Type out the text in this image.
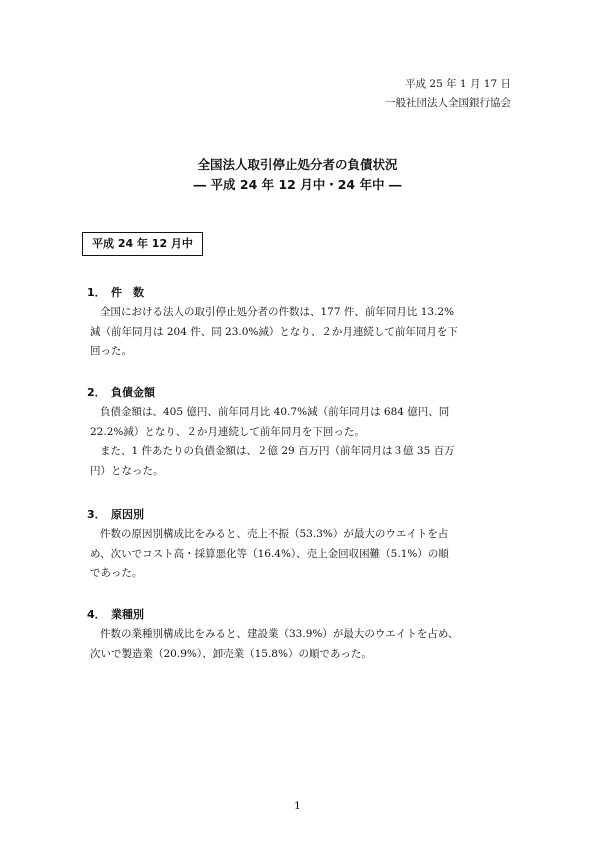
平成 25 年 1 月 17 日
一般社団法人全国銀行協会
全国法人取引停止処分者の負債状況
― 平成 24 年 12 月中・24 年中 ―
平成 24 年 12 月中
1． 件　数
全国における法人の取引停止処分者の件数は、177 件、前年同月比 13.2%
減（前年同月は 204 件、同 23.0%減）となり、２か月連続して前年同月を下
回った。
2． 負債金額
負債金額は、405 億円、前年同月比 40.7%減（前年同月は 684 億円、同
22.2%減）となり、２か月連続して前年同月を下回った。
また、1 件あたりの負債金額は、２億 29 百万円（前年同月は３億 35 百万
円）となった。
3． 原因別
件数の原因別構成比をみると、売上不振（53.3%）が最大のウエイトを占
め、次いでコスト高・採算悪化等（16.4%）、売上金回収困難（5.1%）の順
であった。
4． 業種別
件数の業種別構成比をみると、建設業（33.9%）が最大のウエイトを占め、
次いで製造業（20.9%）、卸売業（15.8%）の順であった。
1
